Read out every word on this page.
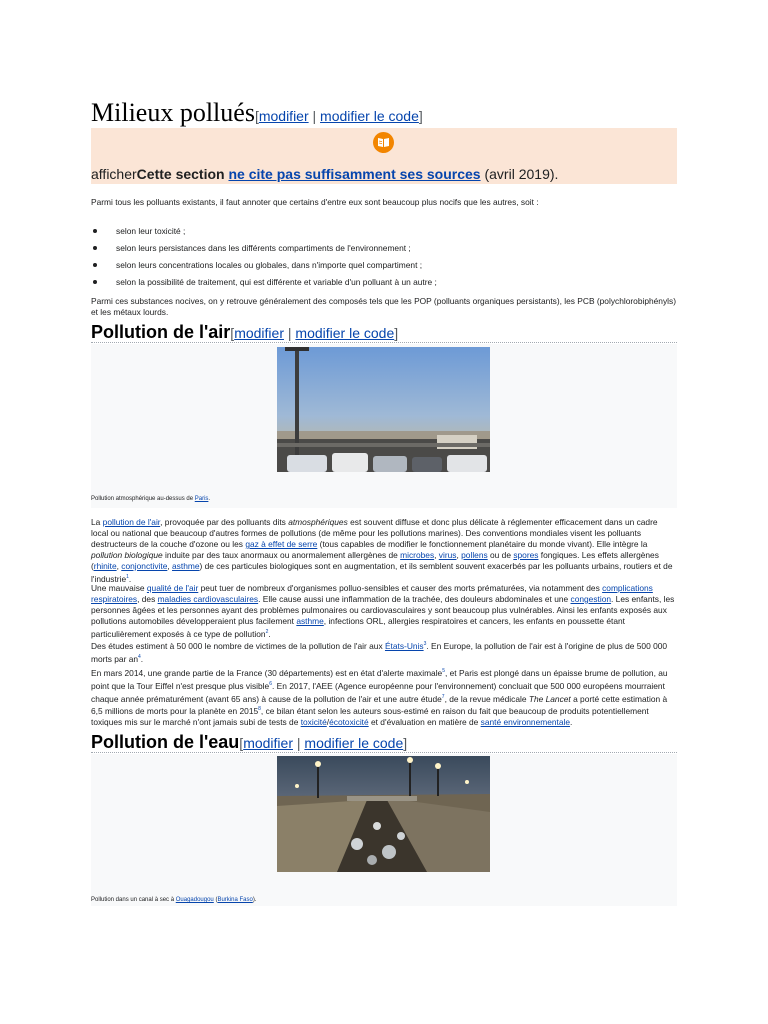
Milieux pollués[modifier | modifier le code]
afficherCette section ne cite pas suffisamment ses sources (avril 2019).
Parmi tous les polluants existants, il faut annoter que certains d'entre eux sont beaucoup plus nocifs que les autres, soit :
selon leur toxicité ;
selon leurs persistances dans les différents compartiments de l'environnement ;
selon leurs concentrations locales ou globales, dans n'importe quel compartiment ;
selon la possibilité de traitement, qui est différente et variable d'un polluant à un autre ;
Parmi ces substances nocives, on y retrouve généralement des composés tels que les POP (polluants organiques persistants), les PCB (polychlorobiphényls) et les métaux lourds.
Pollution de l'air[modifier | modifier le code]
Pollution atmosphérique au-dessus de Paris.
La pollution de l'air, provoquée par des polluants dits atmosphériques est souvent diffuse et donc plus délicate à réglementer efficacement dans un cadre local ou national que beaucoup d'autres formes de pollutions (de même pour les pollutions marines). Des conventions mondiales visent les polluants destructeurs de la couche d'ozone ou les gaz à effet de serre (tous capables de modifier le fonctionnement planétaire du monde vivant). Elle intègre la pollution biologique induite par des taux anormaux ou anormalement allergènes de microbes, virus, pollens ou de spores fongiques. Les effets allergènes (rhinite, conjonctivite, asthme) de ces particules biologiques sont en augmentation, et ils semblent souvent exacerbés par les polluants urbains, routiers et de l'industrie$^1$.
Une mauvaise qualité de l'air peut tuer de nombreux d'organismes polluo-sensibles et causer des morts prématurées, via notamment des complications respiratoires, des maladies cardiovasculaires. Elle cause aussi une inflammation de la trachée, des douleurs abdominales et une congestion. Les enfants, les personnes âgées et les personnes ayant des problèmes pulmonaires ou cardiovasculaires y sont beaucoup plus vulnérables. Ainsi les enfants exposés aux pollutions automobiles développeraient plus facilement asthme, infections ORL, allergies respiratoires et cancers, les enfants en poussette étant particulièrement exposés à ce type de pollution$^2$.
Des études estiment à 50 000 le nombre de victimes de la pollution de l'air aux États-Unis$^3$. En Europe, la pollution de l'air est à l'origine de plus de 500 000 morts par an$^4$.
En mars 2014, une grande partie de la France (30 départements) est en état d'alerte maximale$^5$, et Paris est plongé dans un épaisse brume de pollution, au point que la Tour Eiffel n'est presque plus visible$^6$. En 2017, l'AEE (Agence européenne pour l'environnement) concluait que 500 000 européens mourraient chaque année prématurément (avant 65 ans) à cause de la pollution de l'air et une autre étude$^7$, de la revue médicale The Lancet a porté cette estimation à 6,5 millions de morts pour la planète en 2015$^8$, ce bilan étant selon les auteurs sous-estimé en raison du fait que beaucoup de produits potentiellement toxiques mis sur le marché n'ont jamais subi de tests de toxicité/écotoxicité et d'évaluation en matière de santé environnementale.
Pollution de l'eau[modifier | modifier le code]
Pollution dans un canal à sec à Ouagadougou (Burkina Faso).
